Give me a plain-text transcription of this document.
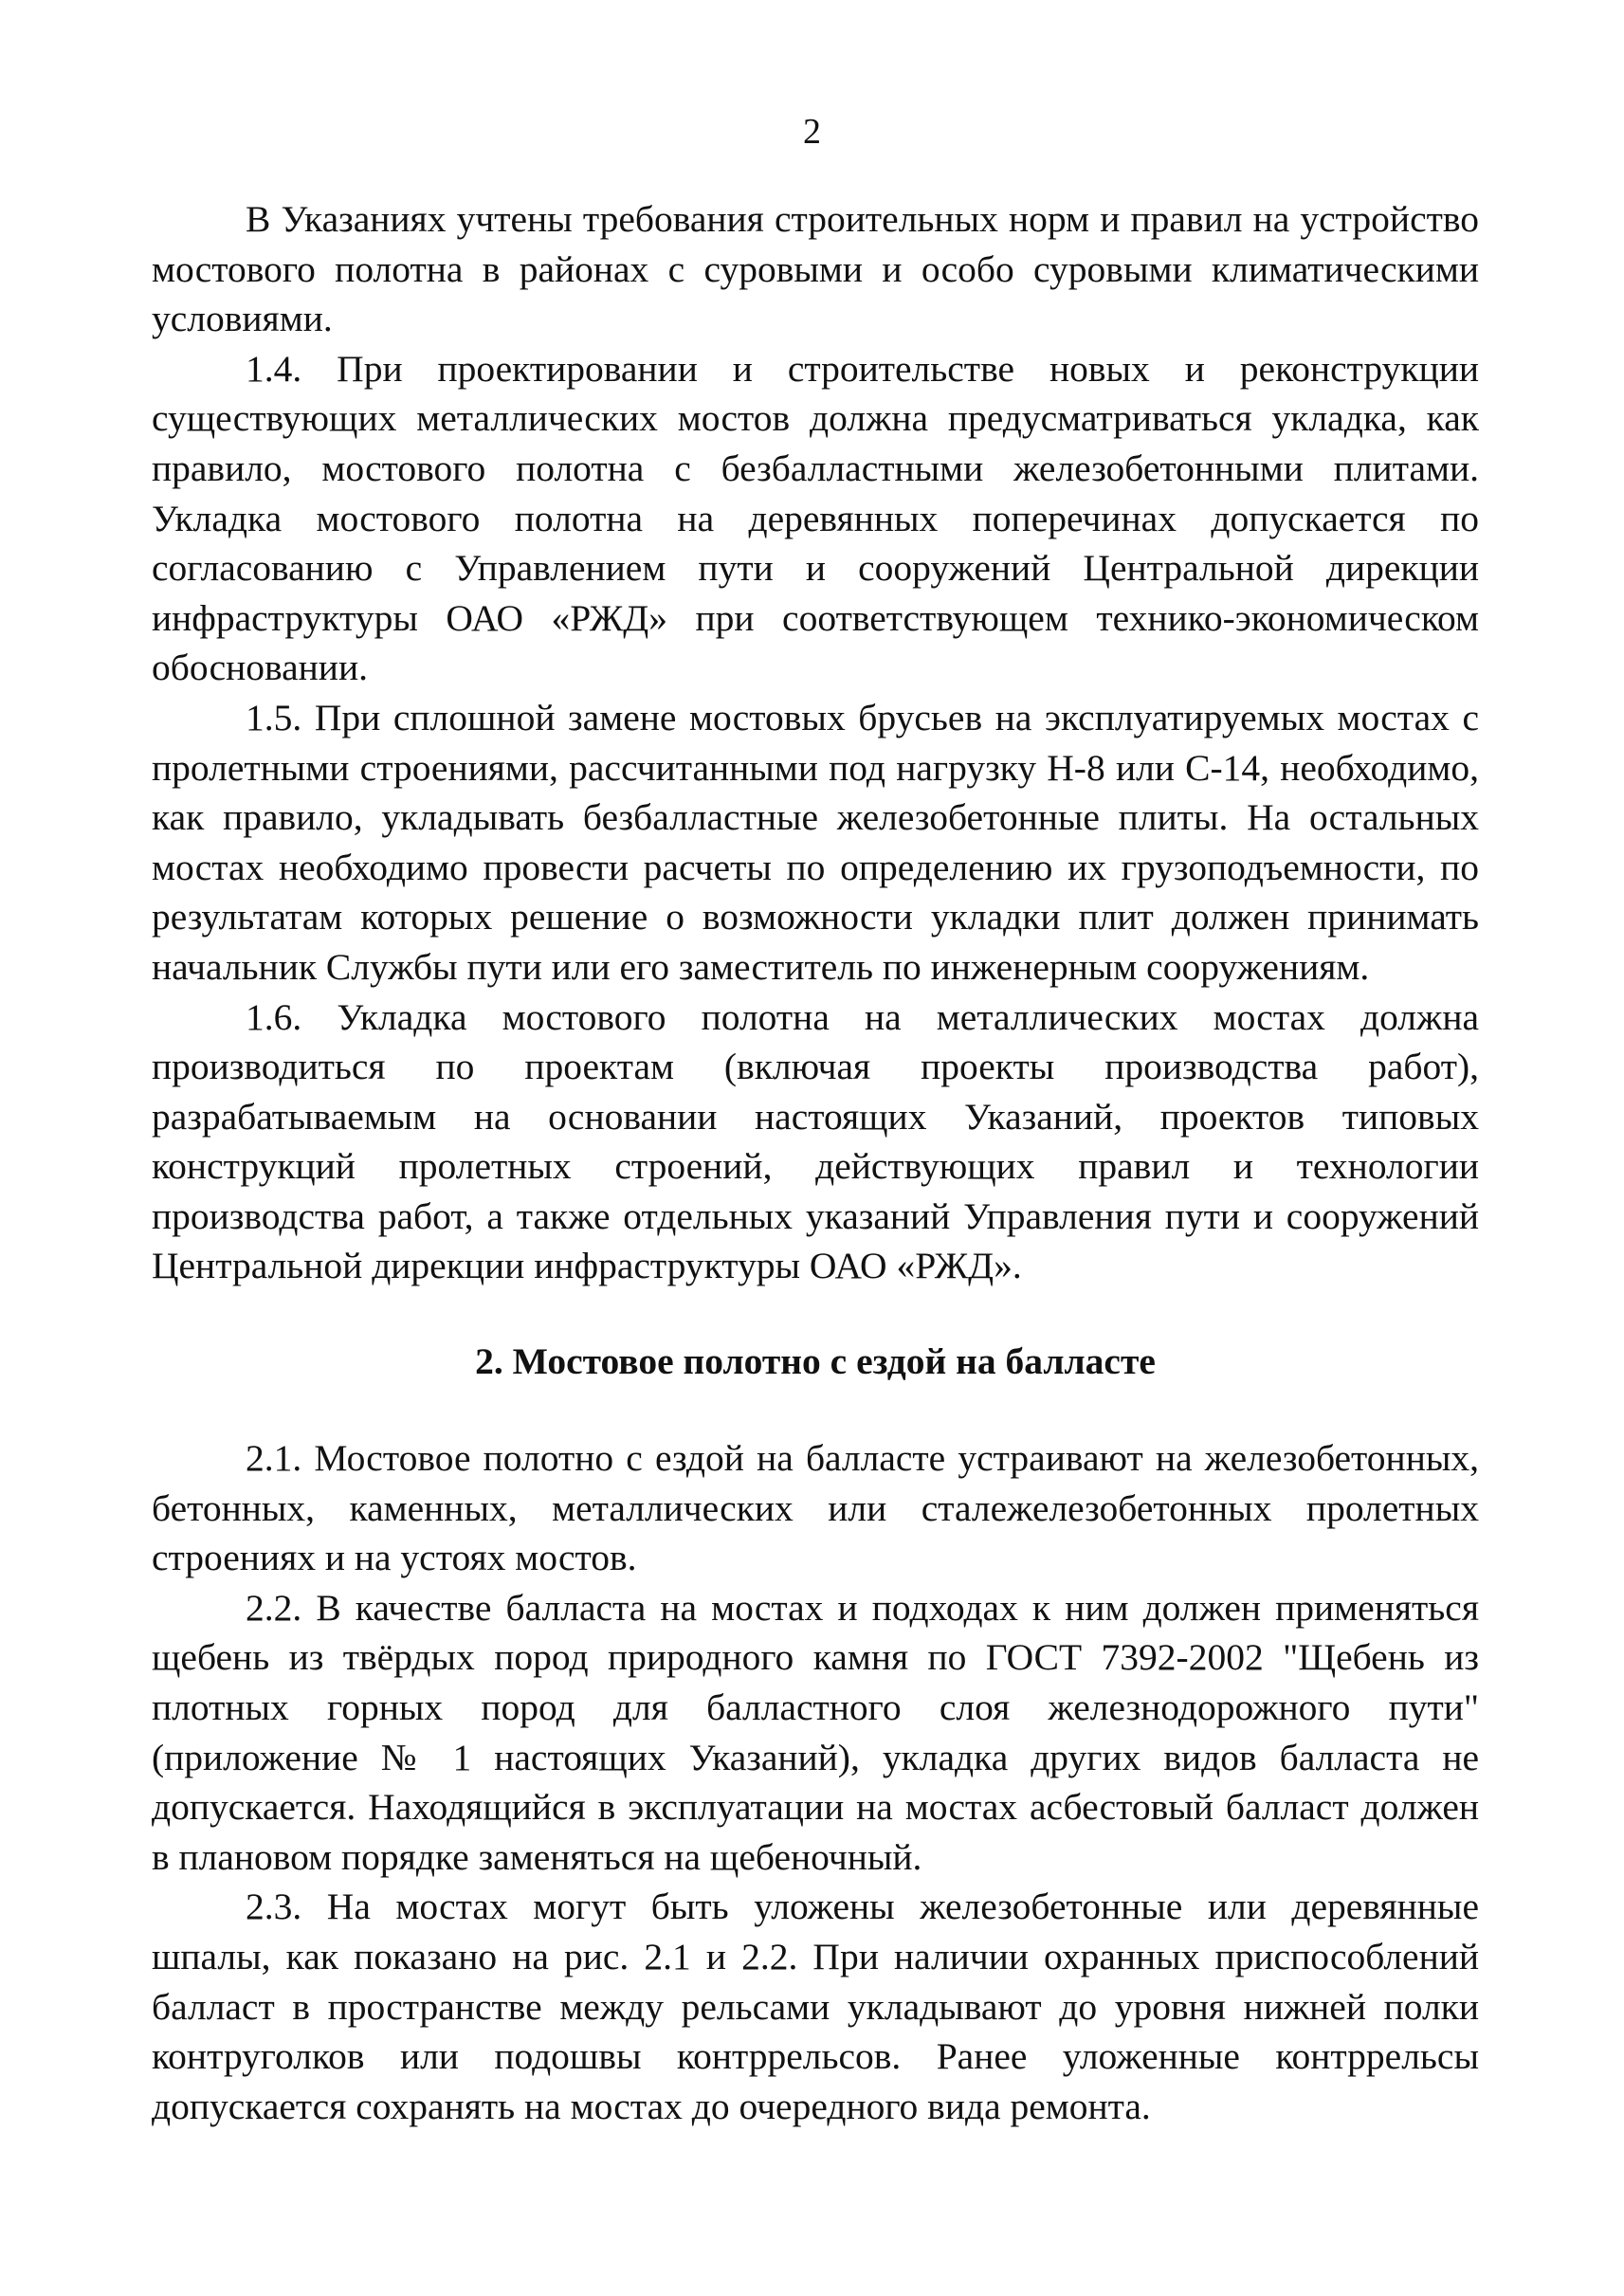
2

В Указаниях учтены требования строительных норм и правил на устройство мостового полотна в районах с суровыми и особо суровыми климатическими условиями.

1.4. При проектировании и строительстве новых и реконструкции существующих металлических мостов должна предусматриваться укладка, как правило, мостового полотна с безбалластными железобетонными плитами. Укладка мостового полотна на деревянных поперечинах допускается по согласованию с Управлением пути и сооружений Центральной дирекции инфраструктуры ОАО «РЖД» при соответствующем технико-экономическом обосновании.

1.5. При сплошной замене мостовых брусьев на эксплуатируемых мостах с пролетными строениями, рассчитанными под нагрузку Н-8 или С-14, необходимо, как правило, укладывать безбалластные железобетонные плиты. На остальных мостах необходимо провести расчеты по определению их грузоподъемности, по результатам которых решение о возможности укладки плит должен принимать начальник Службы пути или его заместитель по инженерным сооружениям.

1.6. Укладка мостового полотна на металлических мостах должна производиться по проектам (включая проекты производства работ), разрабатываемым на основании настоящих Указаний, проектов типовых конструкций пролетных строений, действующих правил и технологии производства работ, а также отдельных указаний Управления пути и сооружений Центральной дирекции инфраструктуры ОАО «РЖД».

2. Мостовое полотно с ездой на балласте

2.1. Мостовое полотно с ездой на балласте устраивают на железобетонных, бетонных, каменных, металлических или сталежелезобетонных пролетных строениях и на устоях мостов.

2.2. В качестве балласта на мостах и подходах к ним должен применяться щебень из твёрдых пород природного камня по ГОСТ 7392-2002 "Щебень из плотных горных пород для балластного слоя железнодорожного пути" (приложение № 1 настоящих Указаний), укладка других видов балласта не допускается. Находящийся в эксплуатации на мостах асбестовый балласт должен в плановом порядке заменяться на щебеночный.

2.3. На мостах могут быть уложены железобетонные или деревянные шпалы, как показано на рис. 2.1 и 2.2. При наличии охранных приспособлений балласт в пространстве между рельсами укладывают до уровня нижней полки контруголков или подошвы контррельсов. Ранее уложенные контррельсы допускается сохранять на мостах до очередного вида ремонта.
